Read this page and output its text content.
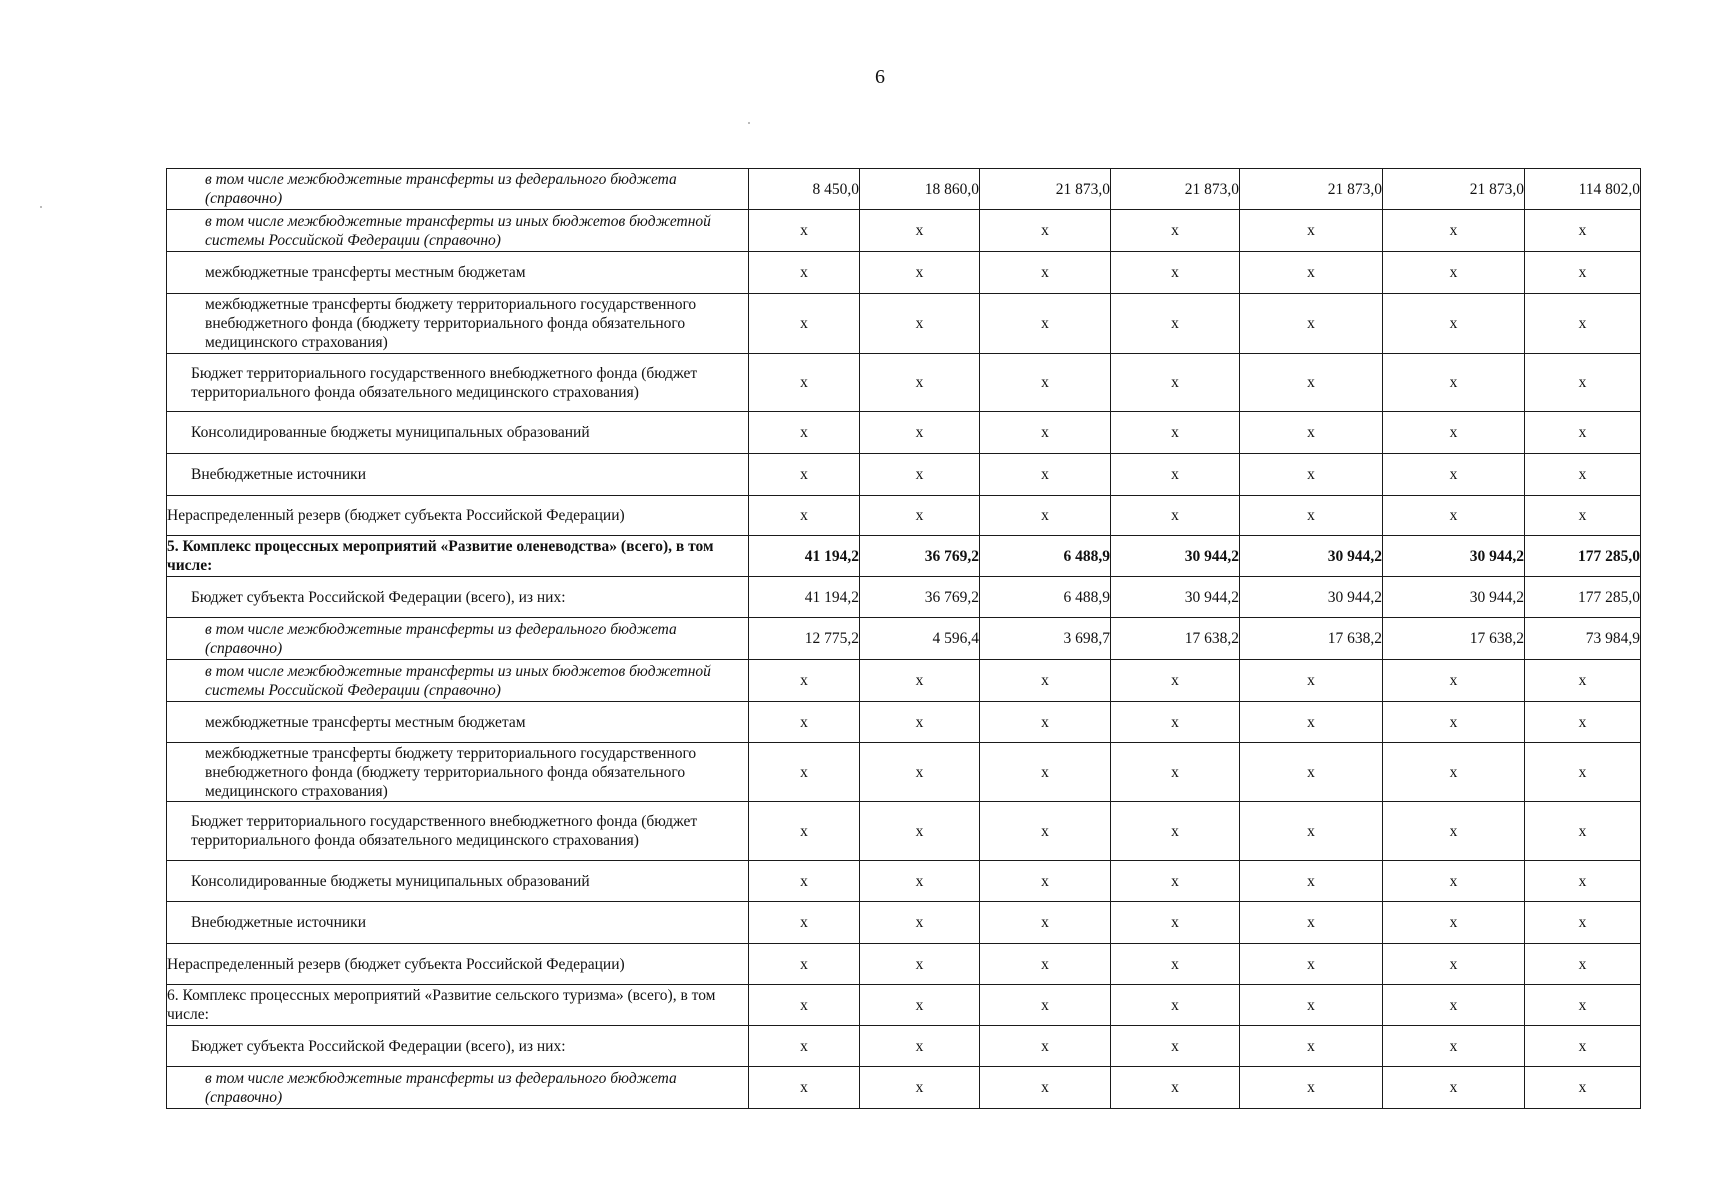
6
в том числе межбюджетные трансферты из федерального бюджета (справочно)	8 450,0	18 860,0	21 873,0	21 873,0	21 873,0	21 873,0	114 802,0
в том числе межбюджетные трансферты из иных бюджетов бюджетной системы Российской Федерации (справочно)	x	x	x	x	x	x	x
межбюджетные трансферты местным бюджетам	x	x	x	x	x	x	x
межбюджетные трансферты бюджету территориального государственного внебюджетного фонда (бюджету территориального фонда обязательного медицинского страхования)	x	x	x	x	x	x	x
Бюджет территориального государственного внебюджетного фонда (бюджет территориального фонда обязательного медицинского страхования)	x	x	x	x	x	x	x
Консолидированные бюджеты муниципальных образований	x	x	x	x	x	x	x
Внебюджетные источники	x	x	x	x	x	x	x
Нераспределенный резерв (бюджет субъекта Российской Федерации)	x	x	x	x	x	x	x
5. Комплекс процессных мероприятий «Развитие оленеводства» (всего), в том числе:	41 194,2	36 769,2	6 488,9	30 944,2	30 944,2	30 944,2	177 285,0
Бюджет субъекта Российской Федерации (всего), из них:	41 194,2	36 769,2	6 488,9	30 944,2	30 944,2	30 944,2	177 285,0
в том числе межбюджетные трансферты из федерального бюджета (справочно)	12 775,2	4 596,4	3 698,7	17 638,2	17 638,2	17 638,2	73 984,9
в том числе межбюджетные трансферты из иных бюджетов бюджетной системы Российской Федерации (справочно)	x	x	x	x	x	x	x
межбюджетные трансферты местным бюджетам	x	x	x	x	x	x	x
межбюджетные трансферты бюджету территориального государственного внебюджетного фонда (бюджету территориального фонда обязательного медицинского страхования)	x	x	x	x	x	x	x
Бюджет территориального государственного внебюджетного фонда (бюджет территориального фонда обязательного медицинского страхования)	x	x	x	x	x	x	x
Консолидированные бюджеты муниципальных образований	x	x	x	x	x	x	x
Внебюджетные источники	x	x	x	x	x	x	x
Нераспределенный резерв (бюджет субъекта Российской Федерации)	x	x	x	x	x	x	x
6. Комплекс процессных мероприятий «Развитие сельского туризма» (всего), в том числе:	x	x	x	x	x	x	x
Бюджет субъекта Российской Федерации (всего), из них:	x	x	x	x	x	x	x
в том числе межбюджетные трансферты из федерального бюджета (справочно)	x	x	x	x	x	x	x
